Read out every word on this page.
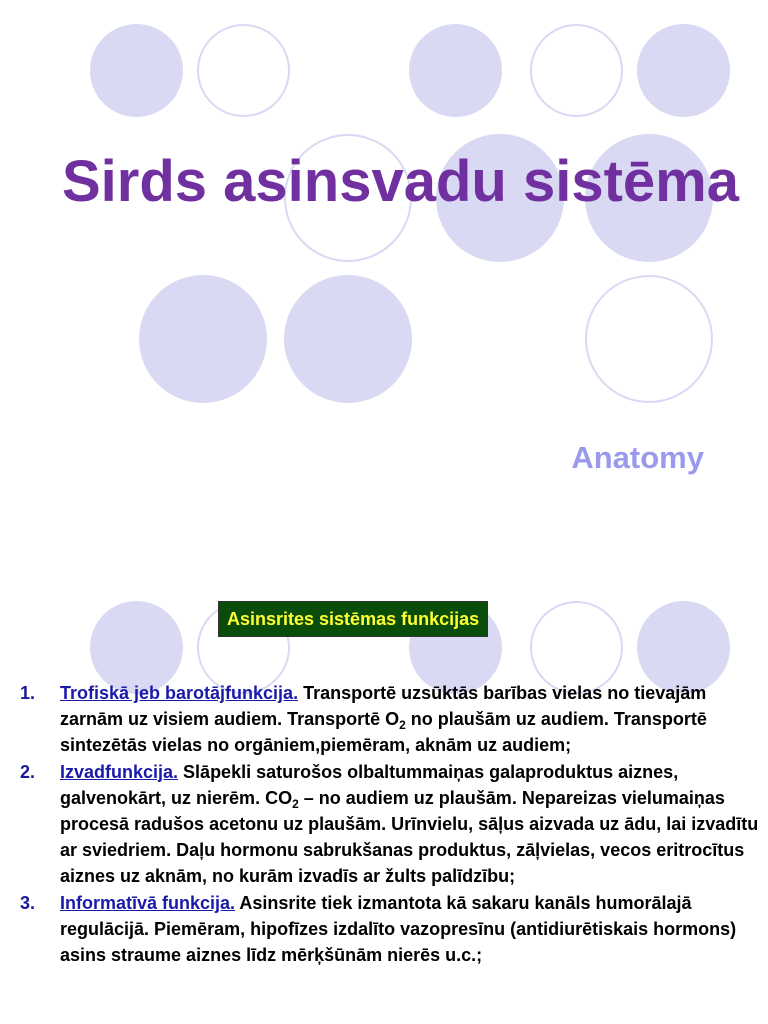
Sirds asinsvadu sistēma
Anatomy
Asinsrites sistēmas funkcijas
1. Trofiskā jeb barotājfunkcija. Transportē uzsūktās barības vielas no tievajām zarnām uz visiem audiem. Transportē $O_2$ no plaušām uz audiem. Transportē sintezētās vielas no orgāniem,piemēram, aknām uz audiem;
2. Izvadfunkcija. Slāpekli saturošos olbaltummaiņas galaproduktus aiznes, galvenokārt, uz nierēm. $CO_2$ – no audiem uz plaušām. Nepareizas vielumaiņas procesā radušos acetonu uz plaušām. Urīnvielu, sāļus aizvada uz ādu, lai izvadītu ar sviedriem. Daļu hormonu sabrukšanas produktus, zāļvielas, vecos eritrocītus aiznes uz aknām, no kurām izvadīs ar žults palīdzību;
3. Informatīvā funkcija. Asinsrite tiek izmantota kā sakaru kanāls humorālajā regulācijā. Piemēram, hipofīzes izdalīto vazopresīnu (antidiurētiskais hormons) asins straume aiznes līdz mērķšūnām nierēs u.c.;
